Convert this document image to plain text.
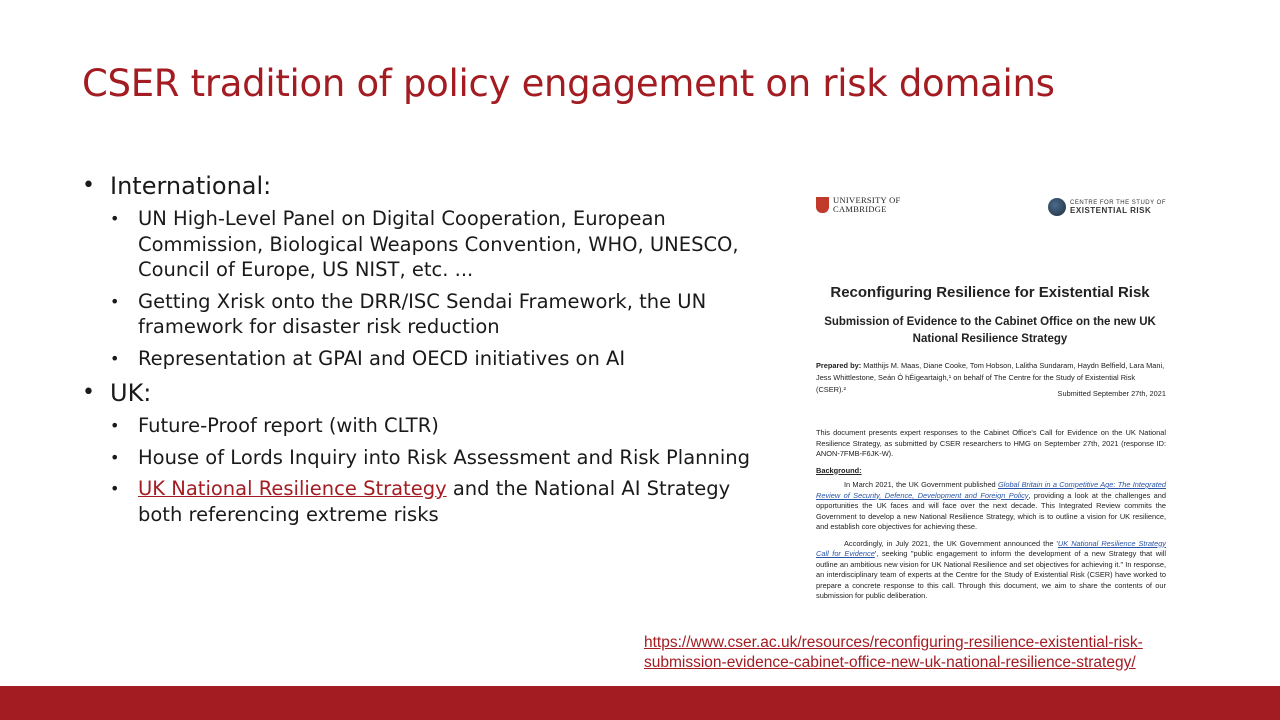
CSER tradition of policy engagement on risk domains
• International:
• UN High-Level Panel on Digital Cooperation, European Commission, Biological Weapons Convention, WHO, UNESCO, Council of Europe, US NIST, etc. ...
• Getting Xrisk onto the DRR/ISC Sendai Framework, the UN framework for disaster risk reduction
• Representation at GPAI and OECD initiatives on AI
• UK:
• Future-Proof report (with CLTR)
• House of Lords Inquiry into Risk Assessment and Risk Planning
• UK National Resilience Strategy and the National AI Strategy both referencing extreme risks
UNIVERSITY OF
CAMBRIDGE
CENTRE FOR THE STUDY OF
EXISTENTIAL RISK
Reconfiguring Resilience for Existential Risk
Submission of Evidence to the Cabinet Office on the new UK National Resilience Strategy
Prepared by: Matthijs M. Maas, Diane Cooke, Tom Hobson, Lalitha Sundaram, Haydn Belfield, Lara Mani, Jess Whittlestone, Seán Ó hÉigeartaigh,¹ on behalf of The Centre for the Study of Existential Risk (CSER).²	Submitted September 27th, 2021

This document presents expert responses to the Cabinet Office's Call for Evidence on the UK National Resilience Strategy, as submitted by CSER researchers to HMG on September 27th, 2021 (response ID: ANON-7FMB-F6JK-W).

Background:

In March 2021, the UK Government published Global Britain in a Competitive Age: The Integrated Review of Security, Defence, Development and Foreign Policy, providing a look at the challenges and opportunities the UK faces and will face over the next decade. This Integrated Review commits the Government to develop a new National Resilience Strategy, which is to outline a vision for UK resilience, and establish core objectives for achieving these.

Accordingly, in July 2021, the UK Government announced the 'UK National Resilience Strategy Call for Evidence', seeking "public engagement to inform the development of a new Strategy that will outline an ambitious new vision for UK National Resilience and set objectives for achieving it." In response, an interdisciplinary team of experts at the Centre for the Study of Existential Risk (CSER) have worked to prepare a concrete response to this call. Through this document, we aim to share the contents of our submission for public deliberation.

https://www.cser.ac.uk/resources/reconfiguring-resilience-existential-risk-submission-evidence-cabinet-office-new-uk-national-resilience-strategy/
